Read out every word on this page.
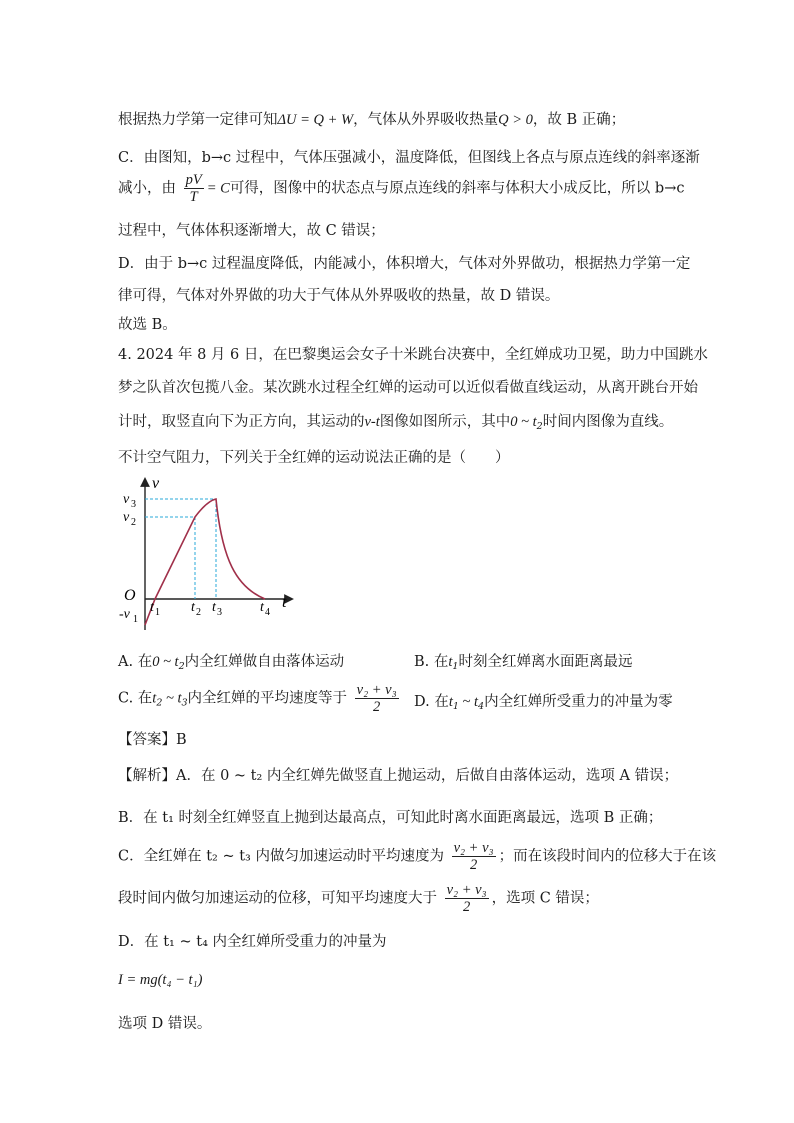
根据热力学第一定律可知ΔU = Q + W，气体从外界吸收热量Q > 0，故 B 正确；
C．由图知，b→c 过程中，气体压强减小，温度降低，但图线上各点与原点连线的斜率逐渐
减小，由 $\frac{pV}{T} = C$可得，图像中的状态点与原点连线的斜率与体积大小成反比，所以 b→c
过程中，气体体积逐渐增大，故 C 错误；
D．由于 b→c 过程温度降低，内能减小，体积增大，气体对外界做功，根据热力学第一定
律可得，气体对外界做的功大于气体从外界吸收的热量，故 D 错误。
故选 B。
4. 2024 年 8 月 6 日，在巴黎奥运会女子十米跳台决赛中，全红婵成功卫冕，助力中国跳水
梦之队首次包揽八金。某次跳水过程全红婵的运动可以近似看做直线运动，从离开跳台开始
计时，取竖直向下为正方向，其运动的v-t图像如图所示，其中0 ~ $t_2$时间内图像为直线。
不计空气阻力，下列关于全红婵的运动说法正确的是（　　）
v
t
O
v 3
v 2
-v 1
t 1 t 2 t 3	t 4
A. 在0 ~ $t_2$内全红婵做自由落体运动	B. 在$t_1$时刻全红婵离水面距离最远
C. 在$t_2$ ~ $t_3$内全红婵的平均速度等于 $\frac{\text{v₂ + v₃}}{2} D$. 在$t_1$ ~ $t_4$内全红婵所受重力的冲量为零
【答案】B
【解析】A．在 0 ~ t₂ 内全红婵先做竖直上抛运动，后做自由落体运动，选项 A 错误；
B．在 t₁ 时刻全红婵竖直上抛到达最高点，可知此时离水面距离最远，选项 B 正确；
C．全红婵在 t₂ ~ t₃ 内做匀加速运动时平均速度为 $\frac{\text{v₂ + v₃}}{2}$ ；而在该段时间内的位移大于在该
段时间内做匀加速运动的位移，可知平均速度大于 $\frac{\text{v₂ + v₃}}{2}$ ，选项 C 错误；
D．在 t₁ ~ t₄ 内全红婵所受重力的冲量为
I = mg(t₄ − t₁)
选项 D 错误。
